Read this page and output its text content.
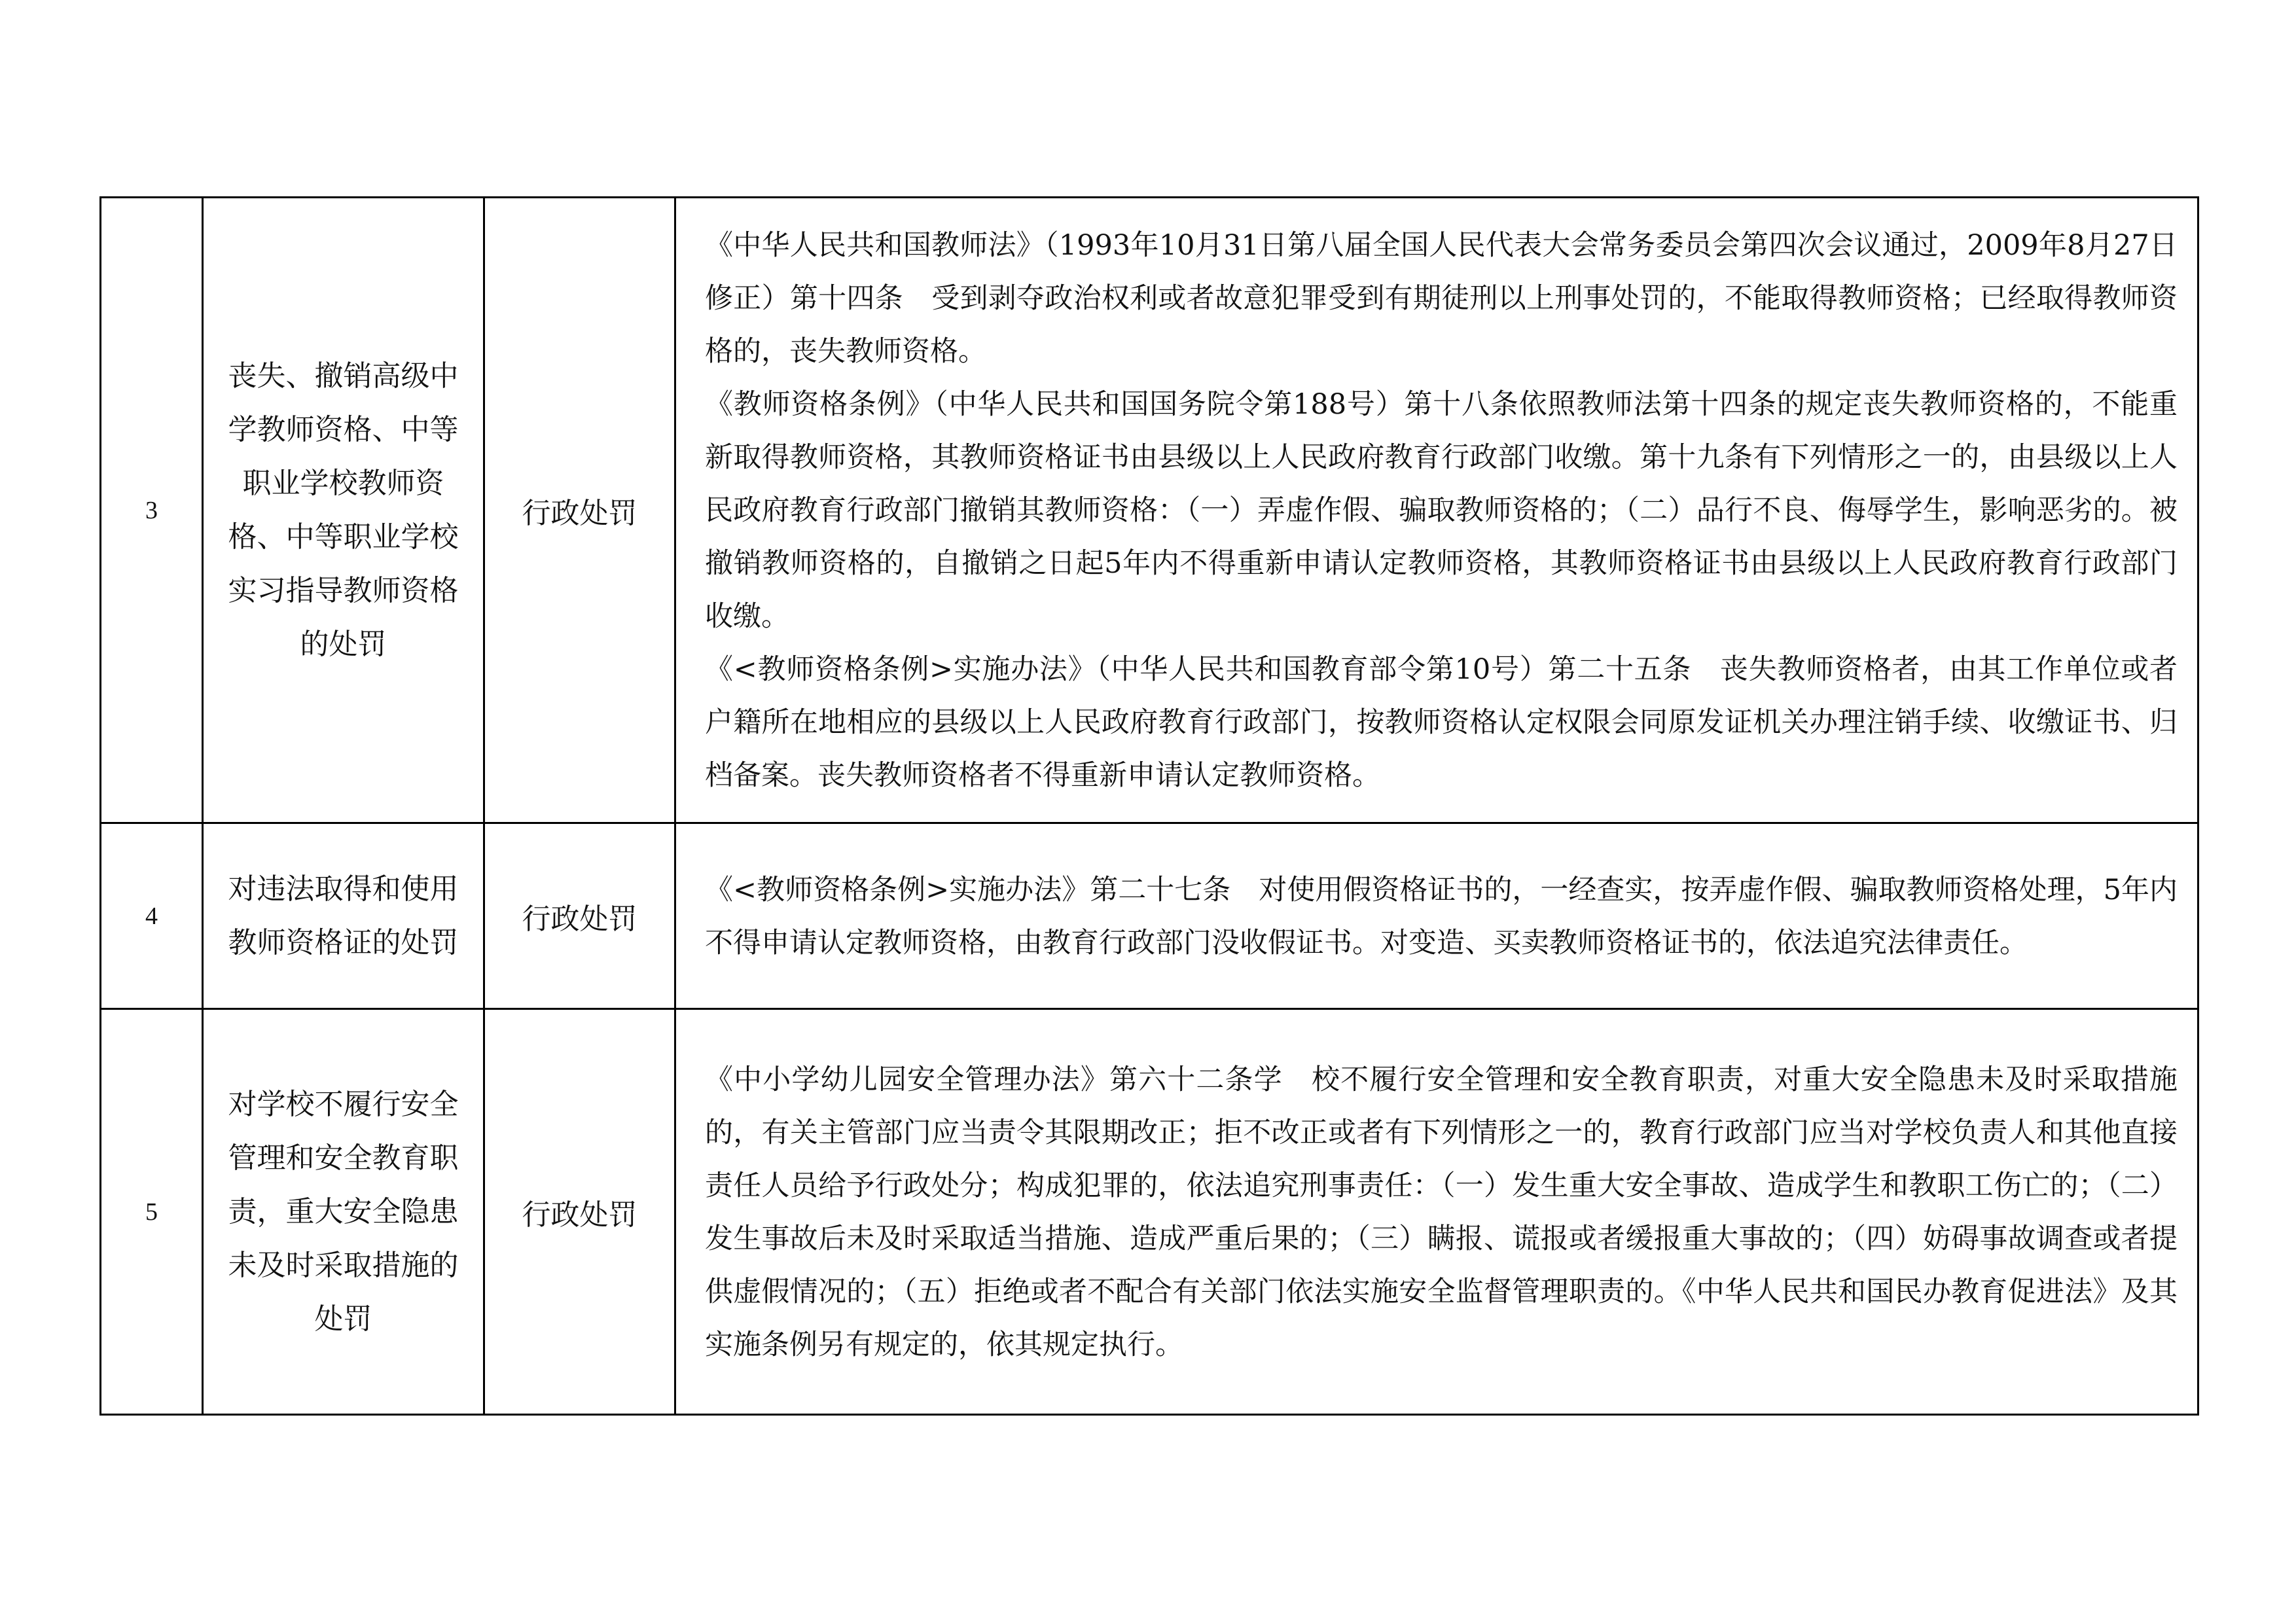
3	丧失、撤销高级中学教师资格、中等职业学校教师资格、中等职业学校实习指导教师资格的处罚	行政处罚	《中华人民共和国教师法》（1993年10月31日第八届全国人民代表大会常务委员会第四次会议通过，2009年8月27日修正）第十四条　受到剥夺政治权利或者故意犯罪受到有期徒刑以上刑事处罚的，不能取得教师资格；已经取得教师资格的，丧失教师资格。

《教师资格条例》（中华人民共和国国务院令第188号）第十八条依照教师法第十四条的规定丧失教师资格的，不能重新取得教师资格，其教师资格证书由县级以上人民政府教育行政部门收缴。第十九条有下列情形之一的，由县级以上人民政府教育行政部门撤销其教师资格：（一）弄虚作假、骗取教师资格的；（二）品行不良、侮辱学生，影响恶劣的。被撤销教师资格的，自撤销之日起5年内不得重新申请认定教师资格，其教师资格证书由县级以上人民政府教育行政部门收缴。

《<教师资格条例>实施办法》（中华人民共和国教育部令第10号）第二十五条　丧失教师资格者，由其工作单位或者户籍所在地相应的县级以上人民政府教育行政部门，按教师资格认定权限会同原发证机关办理注销手续、收缴证书、归档备案。丧失教师资格者不得重新申请认定教师资格。

4	对违法取得和使用教师资格证的处罚	行政处罚	《<教师资格条例>实施办法》第二十七条　对使用假资格证书的，一经查实，按弄虚作假、骗取教师资格处理，5年内不得申请认定教师资格，由教育行政部门没收假证书。对变造、买卖教师资格证书的，依法追究法律责任。

5	对学校不履行安全管理和安全教育职责，重大安全隐患未及时采取措施的处罚	行政处罚	《中小学幼儿园安全管理办法》第六十二条学　校不履行安全管理和安全教育职责，对重大安全隐患未及时采取措施的，有关主管部门应当责令其限期改正；拒不改正或者有下列情形之一的，教育行政部门应当对学校负责人和其他直接责任人员给予行政处分；构成犯罪的，依法追究刑事责任：（一）发生重大安全事故、造成学生和教职工伤亡的；（二）发生事故后未及时采取适当措施、造成严重后果的；（三）瞒报、谎报或者缓报重大事故的；（四）妨碍事故调查或者提供虚假情况的；（五）拒绝或者不配合有关部门依法实施安全监督管理职责的。《中华人民共和国民办教育促进法》及其实施条例另有规定的，依其规定执行。
